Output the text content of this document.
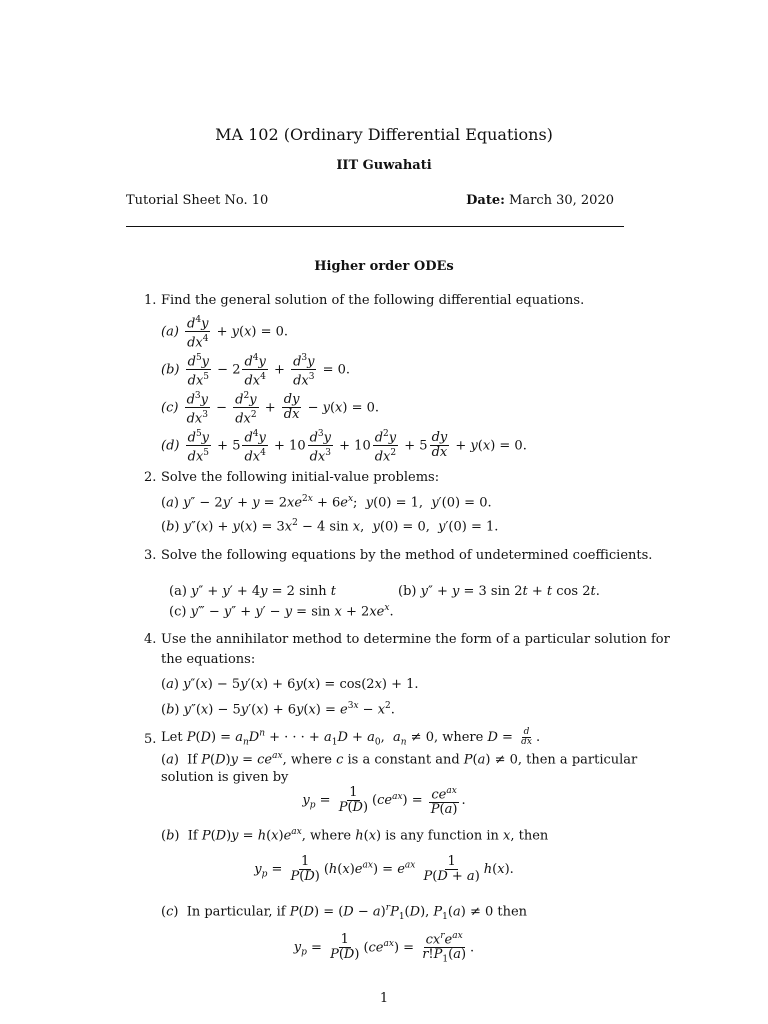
MA 102 (Ordinary Differential Equations)
IIT Guwahati
Tutorial Sheet No. 10	Date: March 30, 2020
Higher order ODEs
1. Find the general solution of the following differential equations.
$(a) \frac{d^4y}{dx^4} + y(x) = 0$.
$(b) \frac{d^5y}{dx^5} - 2 \frac{d^4y}{dx^4} + \frac{d^3y}{dx^3} = 0$.
$(c) \frac{d^3y}{dx^3} - \frac{d^2y}{dx^2} + \frac{dy}{dx} - y(x) = 0$.
$(d) \frac{d^5y}{dx^5} + 5 \frac{d^4y}{dx^4} + 10 \frac{d^3y}{dx^3} + 10 \frac{d^2y}{dx^2} + 5 \frac{dy}{dx} + y(x) = 0$.
2. Solve the following initial-value problems:
(a) $y'' - 2y' + y = 2xe^{2x} + 6e^x$;  y(0) = 1,  y′(0) = 0.
(b) $y''(x) + y(x) = 3x^2 - 4$ sin x,  y(0) = 0,  y′(0) = 1.
3. Solve the following equations by the method of undetermined coefficients.
(a) y″ + y′ + 4y = 2 sinh t	(b) y″ + y = 3 sin 2t + t cos 2t.
(c) y‴ − $y'' + y' - y = \sin x + 2xe^x$.
4. Use the annihilator method to determine the form of a particular solution for
the equations:
(a) y″(x) − 5y′(x) + 6y(x) = cos(2x) + 1.
(b) $y''(x) - 5y'(x) + 6y(x) = e^{3x} - x^2$.
5. Let $P(D) = a_nD^n$ + · · · + $a_1D + a_0$,  $a_n \ne 0$, where $D = \frac{d}{dx}$ .
(a)  If $P(D)y = ce^{ax}$, where c is a constant and P(a) ≠ 0, then a particular
solution is given by
$y_p = \frac{1}{P(D)} (ce^{ax}) = \frac{ce^{ax}}{P(a)}$ .
(b)  If $P(D)y = h(x)e^{ax}$, where h(x) is any function in x, then
$y_p = \frac{1}{P(D)} (h(x)e^{ax}) = e^{ax} \frac{1}{P(D + a)} h(x)$.
(c)  In particular, if $P(D) = (D - a)^rP_1(D)$, $P_1(a) \ne 0$ then
$y_p = \frac{1}{P(D)} (ce^{ax}) = \frac{cx^re^{ax}}{r!P_1(a)}$ .
1
